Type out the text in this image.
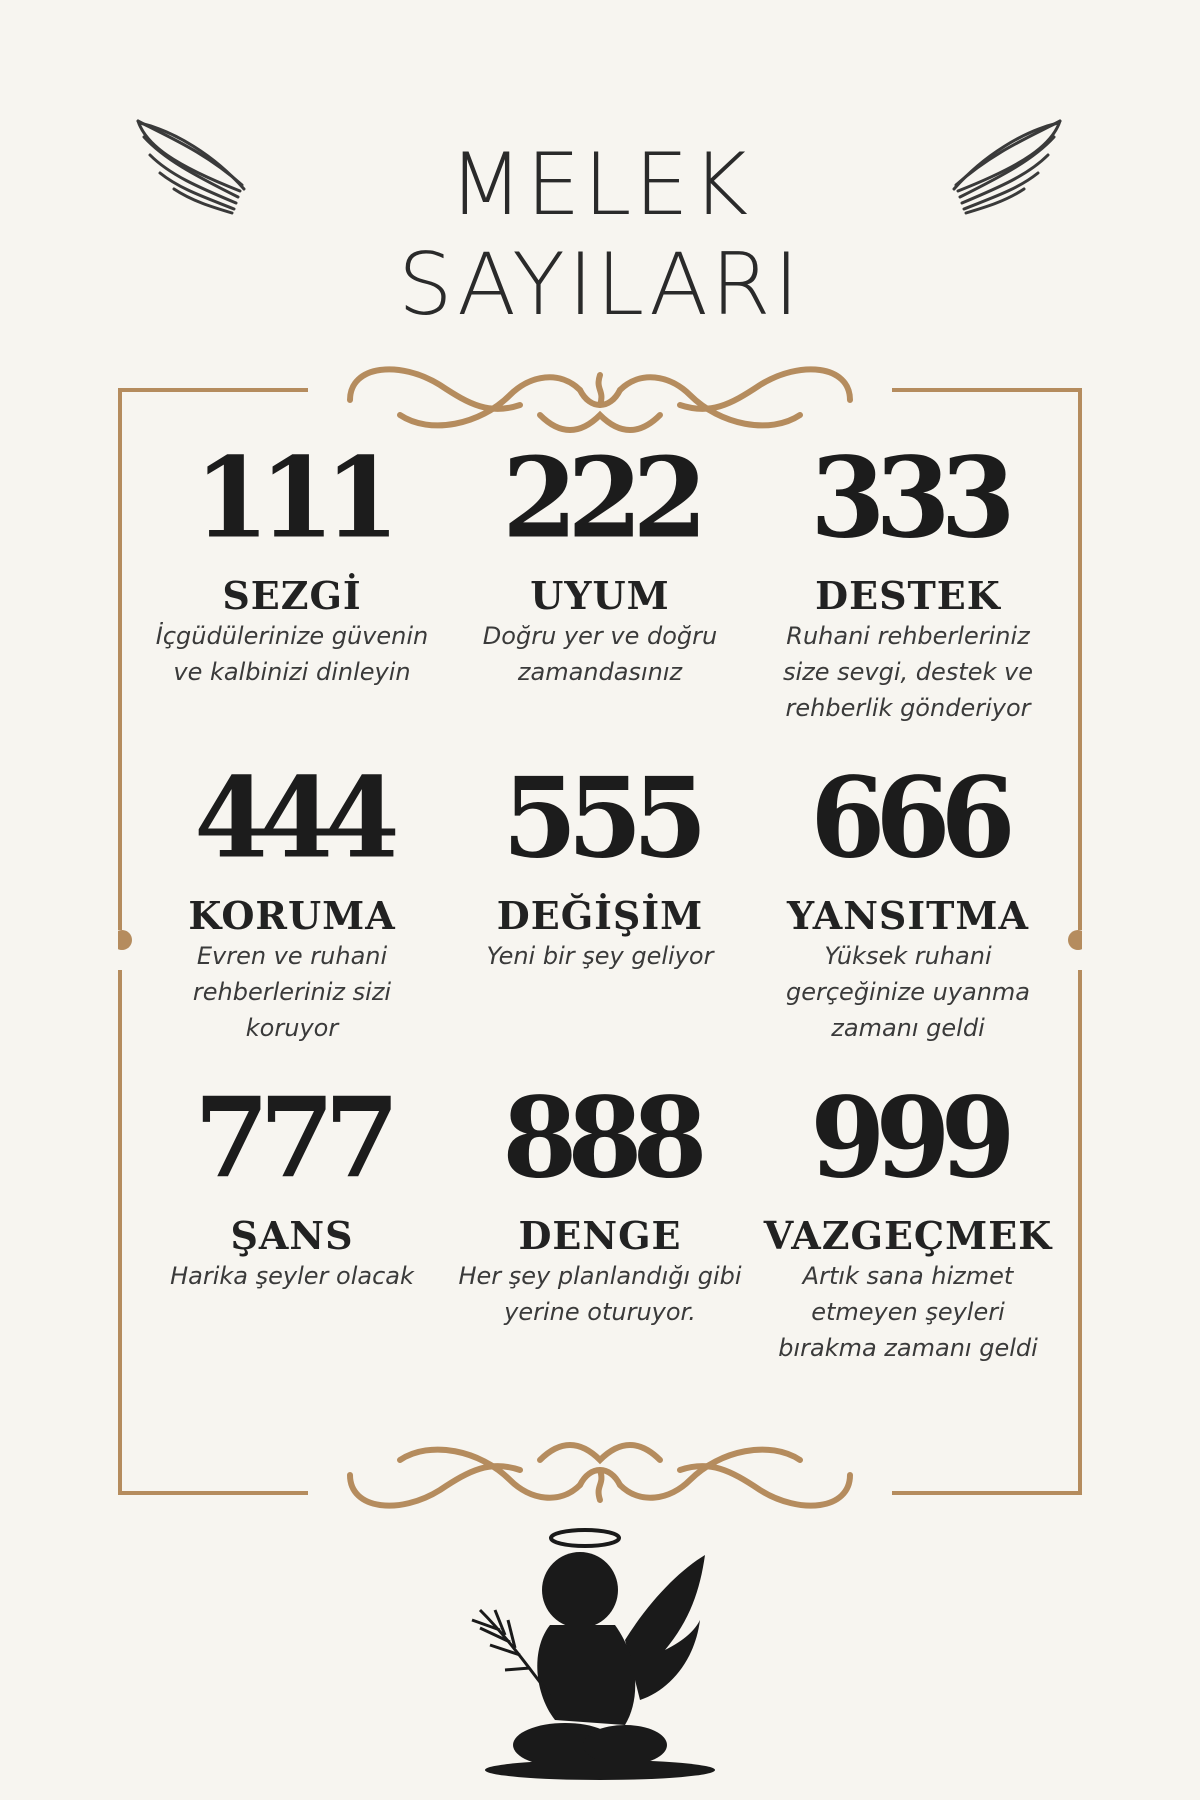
MELEK SAYILARI
111
SEZGİ
İçgüdülerinize güvenin ve kalbinizi dinleyin
222
UYUM
Doğru yer ve doğru zamandasınız
333
DESTEK
Ruhani rehberleriniz size sevgi, destek ve rehberlik gönderiyor
444
KORUMA
Evren ve ruhani rehberleriniz sizi koruyor
555
DEĞİŞİM
Yeni bir şey geliyor
666
YANSITMA
Yüksek ruhani gerçeğinize uyanma zamanı geldi
777
ŞANS
Harika şeyler olacak
888
DENGE
Her şey planlandığı gibi yerine oturuyor.
999
VAZGEÇMEK
Artık sana hizmet etmeyen şeyleri bırakma zamanı geldi
